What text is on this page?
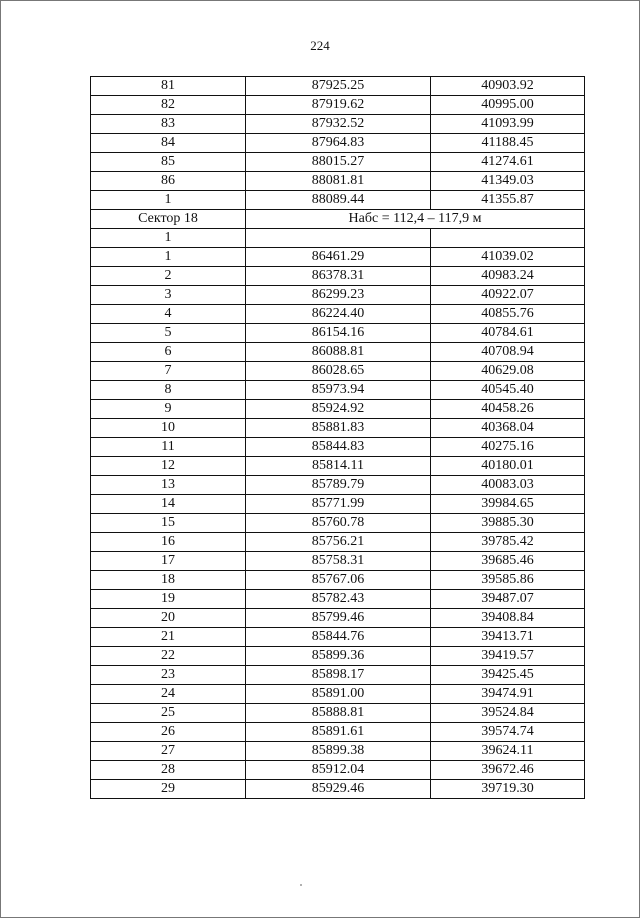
224
81	87925.25	40903.92
82	87919.62	40995.00
83	87932.52	41093.99
84	87964.83	41188.45
85	88015.27	41274.61
86	88081.81	41349.03
1	88089.44	41355.87
Сектор 18	Набс = 112,4 – 117,9 м	
1		
1	86461.29	41039.02
2	86378.31	40983.24
3	86299.23	40922.07
4	86224.40	40855.76
5	86154.16	40784.61
6	86088.81	40708.94
7	86028.65	40629.08
8	85973.94	40545.40
9	85924.92	40458.26
10	85881.83	40368.04
11	85844.83	40275.16
12	85814.11	40180.01
13	85789.79	40083.03
14	85771.99	39984.65
15	85760.78	39885.30
16	85756.21	39785.42
17	85758.31	39685.46
18	85767.06	39585.86
19	85782.43	39487.07
20	85799.46	39408.84
21	85844.76	39413.71
22	85899.36	39419.57
23	85898.17	39425.45
24	85891.00	39474.91
25	85888.81	39524.84
26	85891.61	39574.74
27	85899.38	39624.11
28	85912.04	39672.46
29	85929.46	39719.30
